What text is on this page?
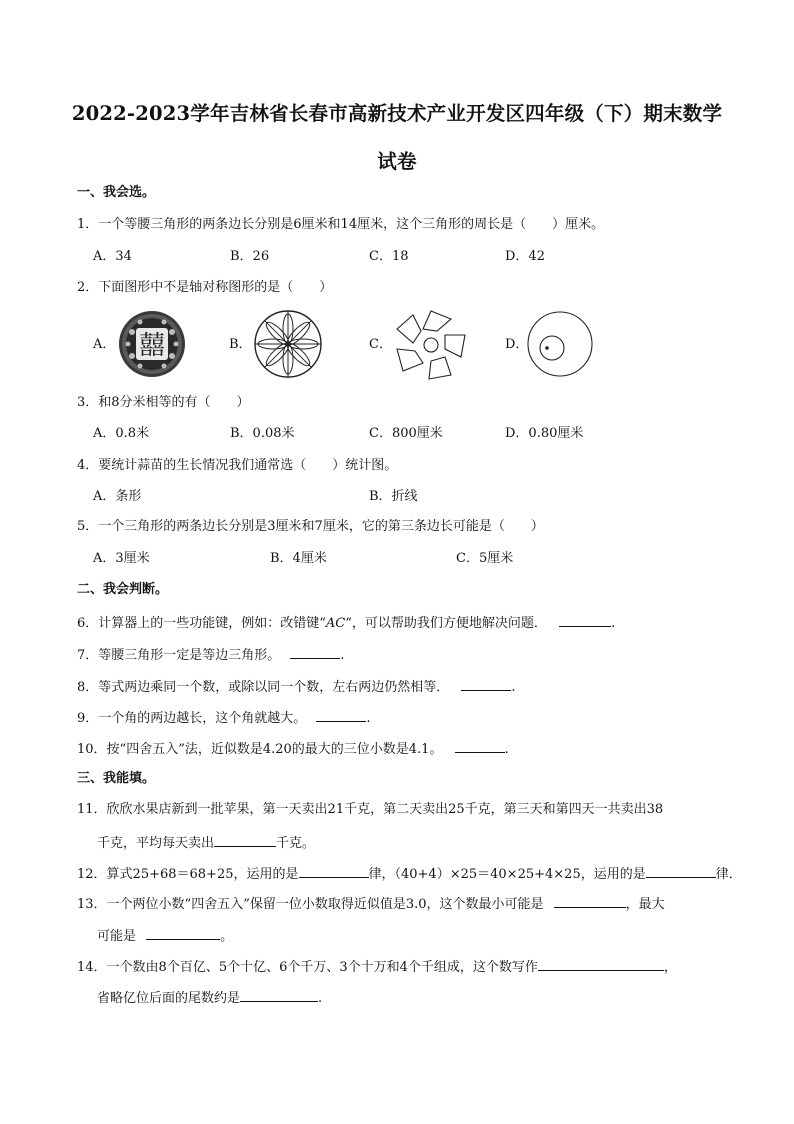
2022-2023学年吉林省长春市高新技术产业开发区四年级（下）期末数学
试卷
一、我会选。
1．一个等腰三角形的两条边长分别是6厘米和14厘米，这个三角形的周长是（　　）厘米。
A．34	B．26	C．18	D．42
2．下面图形中不是轴对称图形的是（　　）
A． 囍	B．	C．	D．
3．和8分米相等的有（　　）
A．0.8米	B．0.08米	C．800厘米	D．0.80厘米
4．要统计蒜苗的生长情况我们通常选（　　）统计图。
A．条形	B．折线
5．一个三角形的两条边长分别是3厘米和7厘米，它的第三条边长可能是（　　）
A．3厘米	B．4厘米	C．5厘米
二、我会判断。
6．计算器上的一些功能键，例如：改错键“AC“，可以帮助我们方便地解决问题．	.
7．等腰三角形一定是等边三角形。	.
8．等式两边乘同一个数，或除以同一个数，左右两边仍然相等．	.
9．一个角的两边越长，这个角就越大。	.
10．按“四舍五入”法，近似数是4.20的最大的三位小数是4.1。	.
三、我能填。
11．欣欣水果店新到一批苹果，第一天卖出21千克，第二天卖出25千克，第三天和第四天一共卖出38
千克，平均每天卖出	千克。
12．算式25+68＝68+25，运用的是	律，（40+4）×25＝40×25+4×25，运用的是	律．
13．一个两位小数“四舍五入”保留一位小数取得近似值是3.0，这个数最小可能是	，最大
可能是	。
14．一个数由8个百亿、5个十亿、6个千万、3个十万和4个千组成，这个数写作	，
省略亿位后面的尾数约是	.
